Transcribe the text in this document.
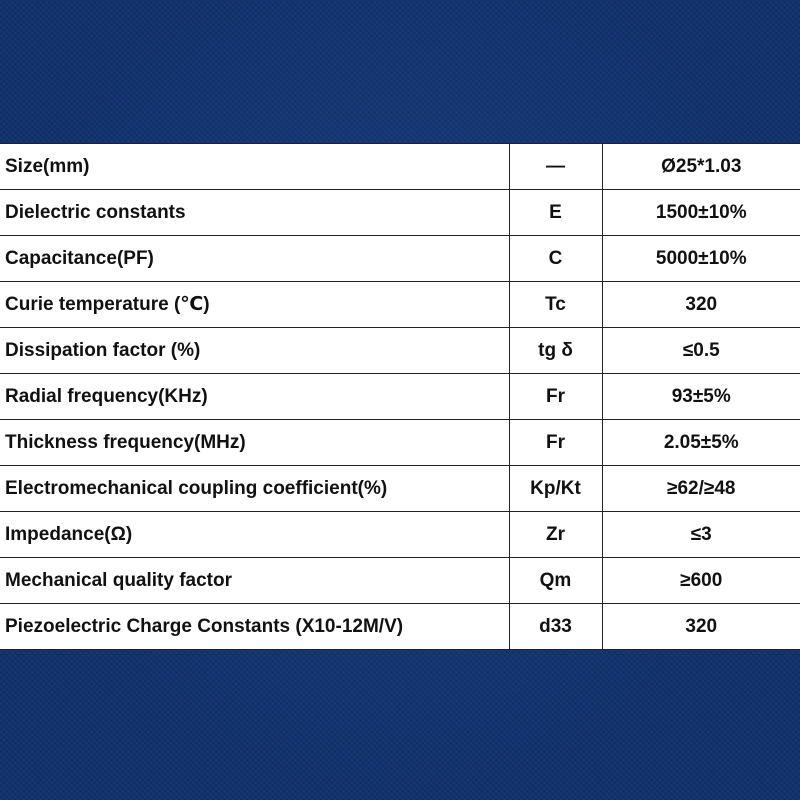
Size(mm)	—	Ø25*1.03
Dielectric constants	E	1500±10%
Capacitance(PF)	C	5000±10%
Curie temperature (℃)	Tc	320
Dissipation factor (%)	tg δ	≤0.5
Radial frequency(KHz)	Fr	93±5%
Thickness frequency(MHz)	Fr	2.05±5%
Electromechanical coupling coefficient(%)	Kp/Kt	≥62/≥48
Impedance(Ω)	Zr	≤3
Mechanical quality factor	Qm	≥600
Piezoelectric Charge Constants (X10-12M/V)	d33	320
